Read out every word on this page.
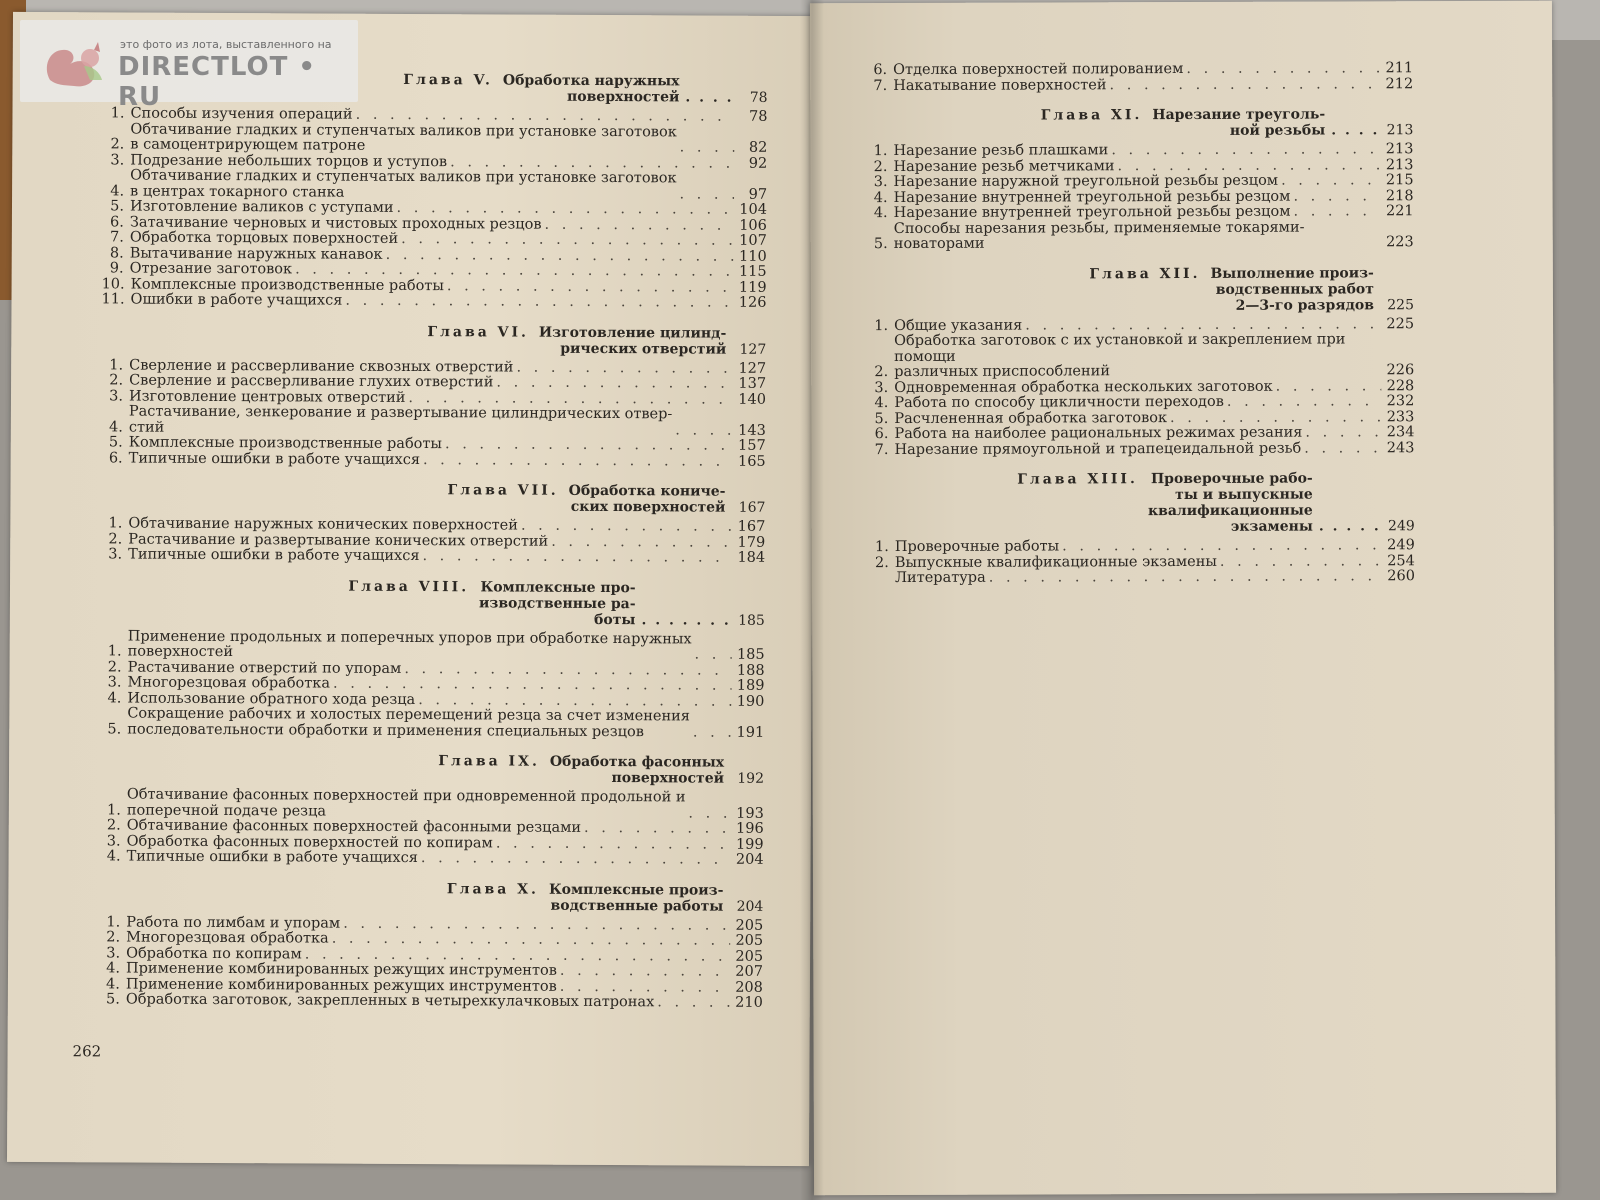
Глава V. Обработка наружных
поверхностей . . . .	78
1. Способы изучения операций . . .	78
2.
Обтачивание гладких и ступенчатых валиков при установке заготовок
в самоцентрирующем патроне . . .	82
3. Подрезание небольших торцов и уступов . . .	92
4.
Обтачивание гладких и ступенчатых валиков при установке заготовок
в центрах токарного станка . . .	97
5. Изготовление валиков с уступами . . .	104
6. Затачивание черновых и чистовых проходных резцов . . .	106
7. Обработка торцовых поверхностей . . .	107
8. Вытачивание наружных канавок . . .	110
9. Отрезание заготовок . . .	115
10. Комплексные производственные работы . . .	119
11. Ошибки в работе учащихся . . .	126
Глава VI. Изготовление цилинд-
рических отверстий 127
1. Сверление и рассверливание сквозных отверстий . . .	127
2. Сверление и рассверливание глухих отверстий . . .	137
3. Изготовление центровых отверстий . . .	140
4.
Растачивание, зенкерование и развертывание цилиндрических отвер-
стий . . .	143
5. Комплексные производственные работы . . .	157
6. Типичные ошибки в работе учащихся . . .	165
Глава VII. Обработка кониче-
ских поверхностей 167
1. Обтачивание наружных конических поверхностей . . .	167
2. Растачивание и развертывание конических отверстий . . .	179
3. Типичные ошибки в работе учащихся . . .	184
Глава VIII. Комплексные про-
изводственные ра-
боты . . . . . . . 185
1.
Применение продольных и поперечных упоров при обработке наружных
поверхностей . . .	185
2. Растачивание отверстий по упорам . . .	188
3. Многорезцовая обработка . . .	189
4. Использование обратного хода резца . . .	190
5.
Сокращение рабочих и холостых перемещений резца за счет изменения
последовательности обработки и применения специальных резцов . . .	191
Глава IX. Обработка фасонных
поверхностей 192
1.
Обтачивание фасонных поверхностей при одновременной продольной и
поперечной подаче резца . . .	193
2. Обтачивание фасонных поверхностей фасонными резцами . . .	196
3. Обработка фасонных поверхностей по копирам . . .	199
4. Типичные ошибки в работе учащихся . . .	204
Глава X. Комплексные произ-
водственные работы 204
1. Работа по лимбам и упорам . . .	205
2. Многорезцовая обработка . . .	205
3. Обработка по копирам . . .	205
4. Применение комбинированных режущих инструментов . . .	207
4. Применение комбинированных режущих инструментов . . .	208
5. Обработка заготовок, закрепленных в четырехкулачковых патронах . . .	210
262
6. Отделка поверхностей полированием . . .	211
7. Накатывание поверхностей . . .	212
Глава XI. Нарезание треуголь-
ной резьбы . . . . 213
1. Нарезание резьб плашками . . .	213
2. Нарезание резьб метчиками . . .	213
3. Нарезание наружной треугольной резьбы резцом . . .	215
4. Нарезание внутренней треугольной резьбы резцом . . .	218
4. Нарезание внутренней треугольной резьбы резцом . . .	221
5.
Способы нарезания резьбы, применяемые токарями-новаторами . . .	223
Глава XII. Выполнение произ-
водственных работ
2—3-го разрядов 225
1. Общие указания . . .	225
2.
Обработка заготовок с их установкой и закреплением при помощи
различных приспособлений . . .	226
3. Одновременная обработка нескольких заготовок . . .	228
4. Работа по способу цикличности переходов . . .	232
5. Расчлененная обработка заготовок . . .	233
6. Работа на наиболее рациональных режимах резания . . .	234
7. Нарезание прямоугольной и трапецеидальной резьб . . .	243
Глава XIII. Проверочные рабо-
ты и выпускные
квалификационные
экзамены . . . . . 249
1. Проверочные работы . . .	249
2. Выпускные квалификационные экзамены . . .	254
Литература . . .	260
это фото из лота, выставленного на
DIRECTLOT • RU
